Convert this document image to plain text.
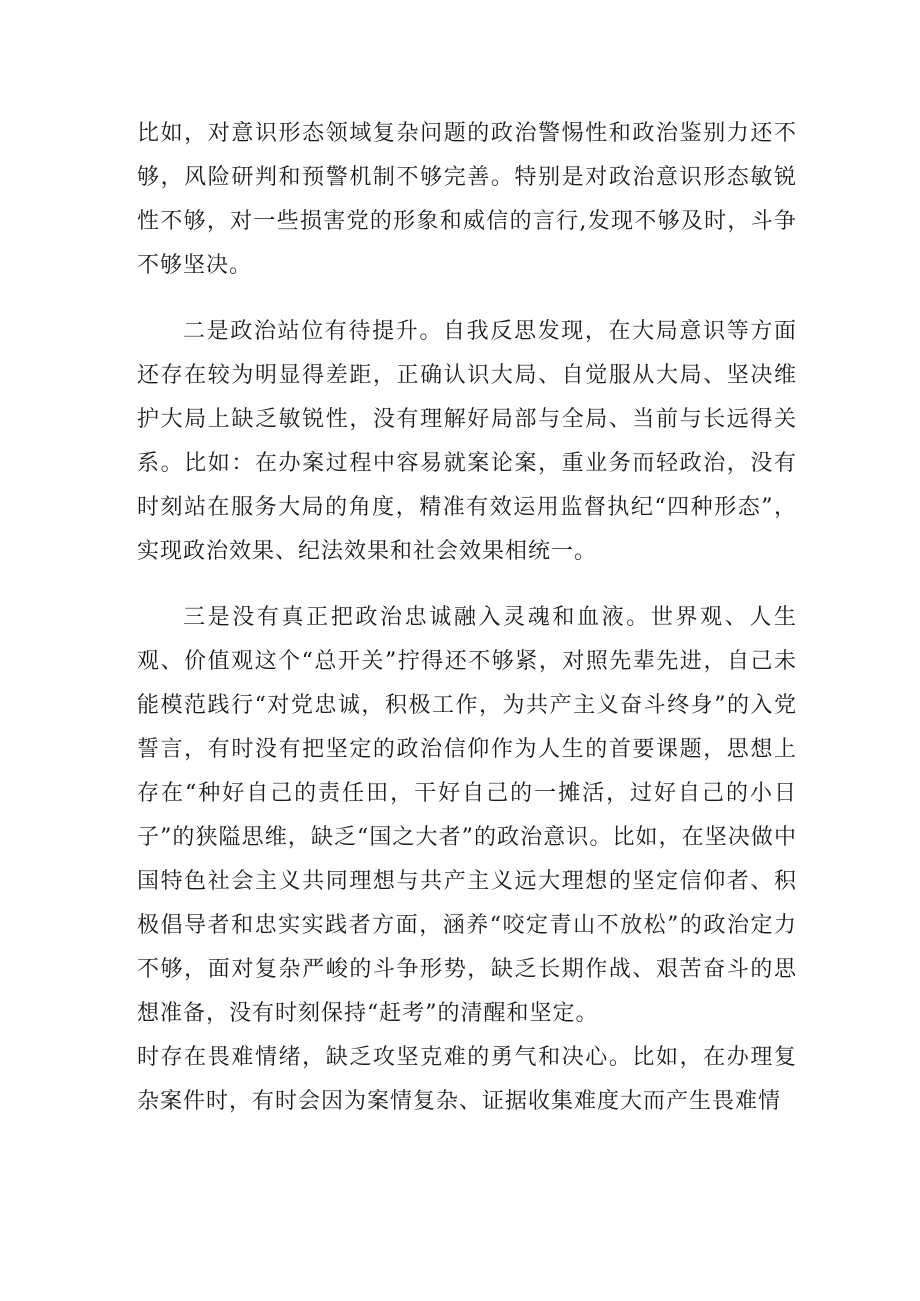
比如，对意识形态领域复杂问题的政治警惕性和政治鉴别力还不够，风险研判和预警机制不够完善。特别是对政治意识形态敏锐性不够，对一些损害党的形象和威信的言行,发现不够及时，斗争不够坚决。

二是政治站位有待提升。自我反思发现，在大局意识等方面还存在较为明显得差距，正确认识大局、自觉服从大局、坚决维护大局上缺乏敏锐性，没有理解好局部与全局、当前与长远得关系。比如：在办案过程中容易就案论案，重业务而轻政治，没有时刻站在服务大局的角度，精准有效运用监督执纪“四种形态”，实现政治效果、纪法效果和社会效果相统一。

三是没有真正把政治忠诚融入灵魂和血液。世界观、人生观、价值观这个“总开关”拧得还不够紧，对照先辈先进，自己未能模范践行“对党忠诚，积极工作，为共产主义奋斗终身”的入党誓言，有时没有把坚定的政治信仰作为人生的首要课题，思想上存在“种好自己的责任田，干好自己的一摊活，过好自己的小日子”的狭隘思维，缺乏“国之大者”的政治意识。比如，在坚决做中国特色社会主义共同理想与共产主义远大理想的坚定信仰者、积极倡导者和忠实实践者方面，涵养“咬定青山不放松”的政治定力不够，面对复杂严峻的斗争形势，缺乏长期作战、艰苦奋斗的思想准备，没有时刻保持“赶考”的清醒和坚定。

时存在畏难情绪，缺乏攻坚克难的勇气和决心。比如，在办理复杂案件时，有时会因为案情复杂、证据收集难度大而产生畏难情
